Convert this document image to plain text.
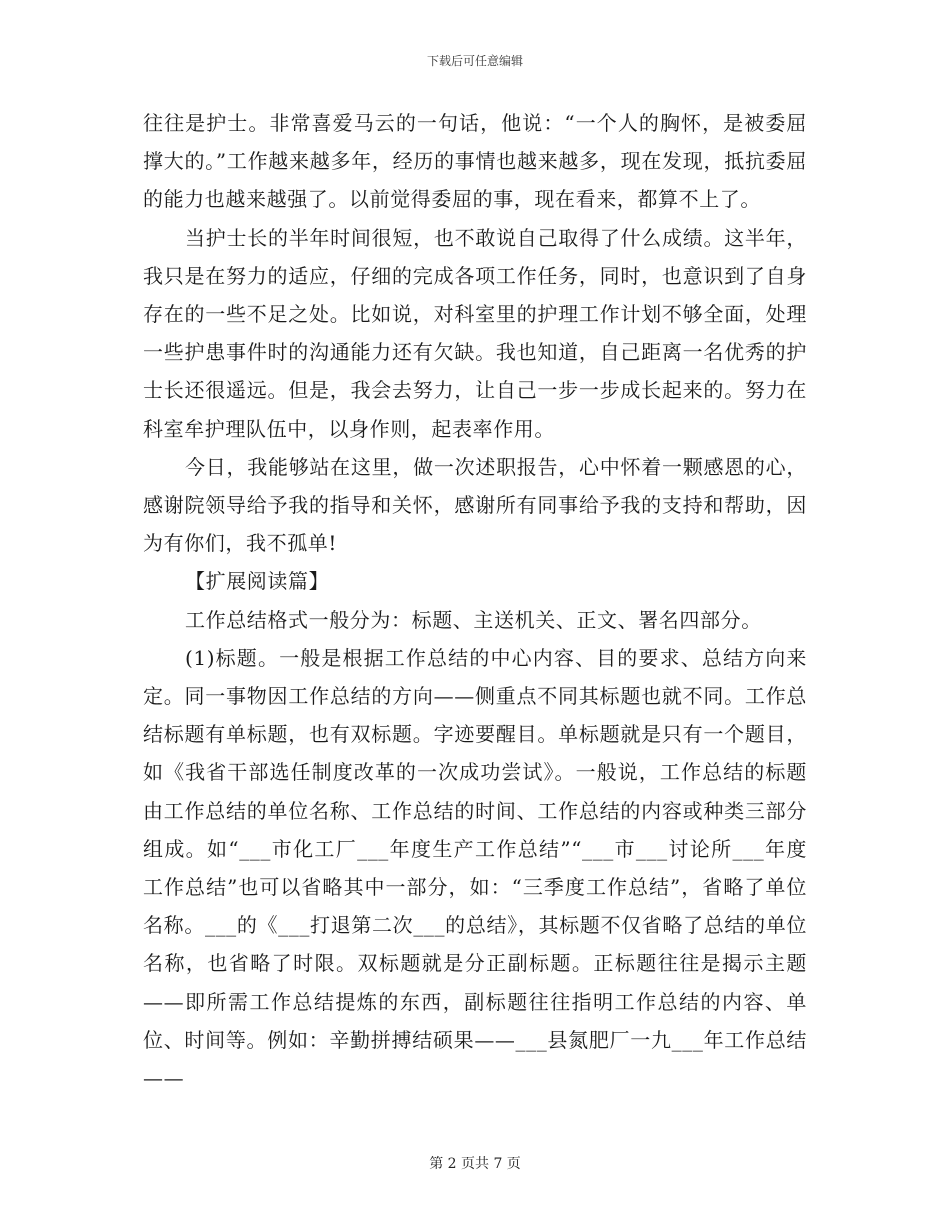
下载后可任意编辑

往往是护士。非常喜爱马云的一句话，他说：“一个人的胸怀，是被委屈撑大的。”工作越来越多年，经历的事情也越来越多，现在发现，抵抗委屈的能力也越来越强了。以前觉得委屈的事，现在看来，都算不上了。

当护士长的半年时间很短，也不敢说自己取得了什么成绩。这半年，我只是在努力的适应，仔细的完成各项工作任务，同时，也意识到了自身存在的一些不足之处。比如说，对科室里的护理工作计划不够全面，处理一些护患事件时的沟通能力还有欠缺。我也知道，自己距离一名优秀的护士长还很遥远。但是，我会去努力，让自己一步一步成长起来的。努力在科室牟护理队伍中，以身作则，起表率作用。

今日，我能够站在这里，做一次述职报告，心中怀着一颗感恩的心，感谢院领导给予我的指导和关怀，感谢所有同事给予我的支持和帮助，因为有你们，我不孤单!

【扩展阅读篇】

工作总结格式一般分为：标题、主送机关、正文、署名四部分。

(1)标题。一般是根据工作总结的中心内容、目的要求、总结方向来定。同一事物因工作总结的方向——侧重点不同其标题也就不同。工作总结标题有单标题，也有双标题。字迹要醒目。单标题就是只有一个题目，如《我省干部选任制度改革的一次成功尝试》。一般说，工作总结的标题由工作总结的单位名称、工作总结的时间、工作总结的内容或种类三部分组成。如“___市化工厂___年度生产工作总结”“___市___讨论所___年度工作总结”也可以省略其中一部分，如：“三季度工作总结”，省略了单位名称。___的《___打退第二次___的总结》，其标题不仅省略了总结的单位名称，也省略了时限。双标题就是分正副标题。正标题往往是揭示主题——即所需工作总结提炼的东西，副标题往往指明工作总结的内容、单位、时间等。例如：辛勤拼搏结硕果——___县氮肥厂一九___年工作总结——

第 2 页共 7 页
